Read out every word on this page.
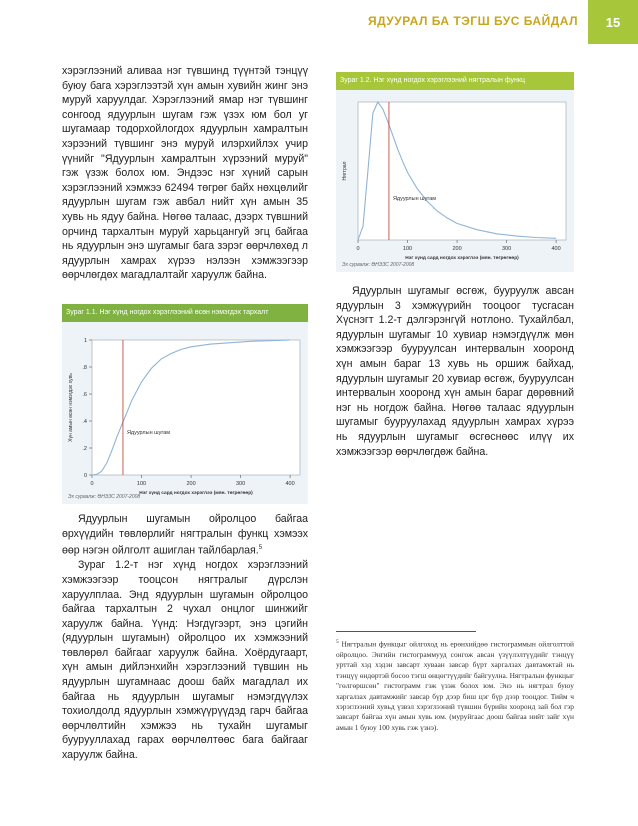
ЯДУУРАЛ БА ТЭГШ БУС БАЙДАЛ 15

хэрэглээний аливаа нэг түвшинд түүнтэй тэнцүү буюу бага хэрэглээтэй хүн амын хувийн жинг энэ муруй харуулдаг. Хэрэглээний ямар нэг түвшинг сонгоод ядуурлын шугам гэж үзэх юм бол уг шугамаар тодорхойлогдох ядуурлын хамралтын хэрээний түвшинг энэ муруй илэрхийлэх учир үүнийг "Ядуурлын хамралтын хүрээний муруй" гэж үзэж болох юм. Эндээс нэг хүний сарын хэрэглээний хэмжээ 62494 төгрөг байх нөхцөлийг ядуурлын шугам гэж авбал нийт хүн амын 35 хувь нь ядуу байна. Нөгөө талаас, дээрх түвшний орчинд тархалтын муруй харьцангуй эгц байгаа нь ядуурлын энэ шугамыг бага зэрэг өөрчлөхөд л ядуурлын хамрах хүрээ нэлээн хэмжээгээр өөрчлөгдөх магадлалтайг харуулж байна.

Зураг 1.1. Нэг хүнд ногдох хэрэглээний өсөн нэмэгдэх тархалт
0	100	200	300	400
0
.2
.4
.6
.8
1
Ядуурлын шугам
Нэг хүнд сард ногдох хэрэглээ (мян. төгрөгөөр)
Хүн амын өсөн нэмэгдэх хувь
Эх сурвалж: ӨНЭЗС 2007-2008

Ядуурлын шугамын ойролцоо байгаа өрхүүдийн төвлөрлийг нягтралын функц хэмээх өөр нэгэн ойлголт ашиглан тайлбарлая.$^5$

Зураг 1.2-т нэг хүнд ногдох хэрэглээний хэмжээгээр тооцсон нягтралыг дүрслэн харуулплаа. Энд ядуурлын шугамын ойролцоо байгаа тархалтын 2 чухал онцлог шинжийг харуулж байна. Үүнд: Нэгдүгээрт, энэ цэгийн (ядуурлын шугамын) ойролцоо их хэмжээний төвлөрөл байгааг харуулж байна. Хоёрдугаарт, хүн амын дийлэнхийн хэрэглээний түвшин нь ядуурлын шугамнаас доош байх магадлал их байгаа нь ядуурлын шугамыг нэмэгдүүлэх тохиолдолд ядуурлын хэмжүүрүүдэд гарч байгаа өөрчлөлтийн хэмжээ нь тухайн шугамыг буурууллахад гарах өөрчлөлтөөс бага байгааг харуулж байна.

Зураг 1.2. Нэг хүнд ногдох хэрэглээний нягтралын функц
0	100	200	300	400
Ядуурлын шугам
Нэг хүнд сард ногдох хэрэглээ (мян. төгрөгөөр)
Нягтрал
Эх сурвалж: ӨНЭЗС 2007-2008

Ядуурлын шугамыг өсгөж, бууруулж авсан ядуурлын 3 хэмжүүрийн тооцоог тусгасан Хүснэгт 1.2-т дэлгэрэнгүй нотлоно. Тухайлбал, ядуурлын шугамыг 10 хувиар нэмэгдүүлж мөн хэмжээгээр бууруулсан интервалын хооронд хүн амын бараг 13 хувь нь оршиж байхад, ядуурлын шугамыг 20 хувиар өсгөж, бууруулсан интервалын хооронд хүн амын бараг дөрөвний нэг нь ногдож байна. Нөгөө талаас ядуурлын шугамыг бууруулахад ядуурлын хамрах хүрээ нь ядуурлын шугамыг өсгөснөөс илүү их хэмжээгээр өөрчлөгдөж байна.

$^5$ Нягтралын функцыг ойлгоход нь ерөнхийдөө гистограммын ойлголттой ойролцоо. Энгийн гистограммууд сонгож авсан үзүүлэлтүүдийг тэнцүү урттай хэд хэдэн завсарт хуваан завсар бүрт харгалзах давтамжтай нь тэнцүү өндөртэй босоо тэгш өнцөгтүүдийг байгуулна. Нягтралын функцыг "гөлгөршсөн" гистограмм гэж үзэж болох юм. Энэ нь нягтрал буюу харгалзах давтамжийг завсар бүр дээр биш цэг бүр дээр тооцдог. Тийм ч хэрэглээний хувьд үзвэл хэрэглээний түвшин бүрийн хооронд зай бол гэр завсарт байгаа хүн амын хувь юм. (муруйгаас доош байгаа нийт зайг хүн амын 1 буюу 100 хувь гэж үзнэ).
